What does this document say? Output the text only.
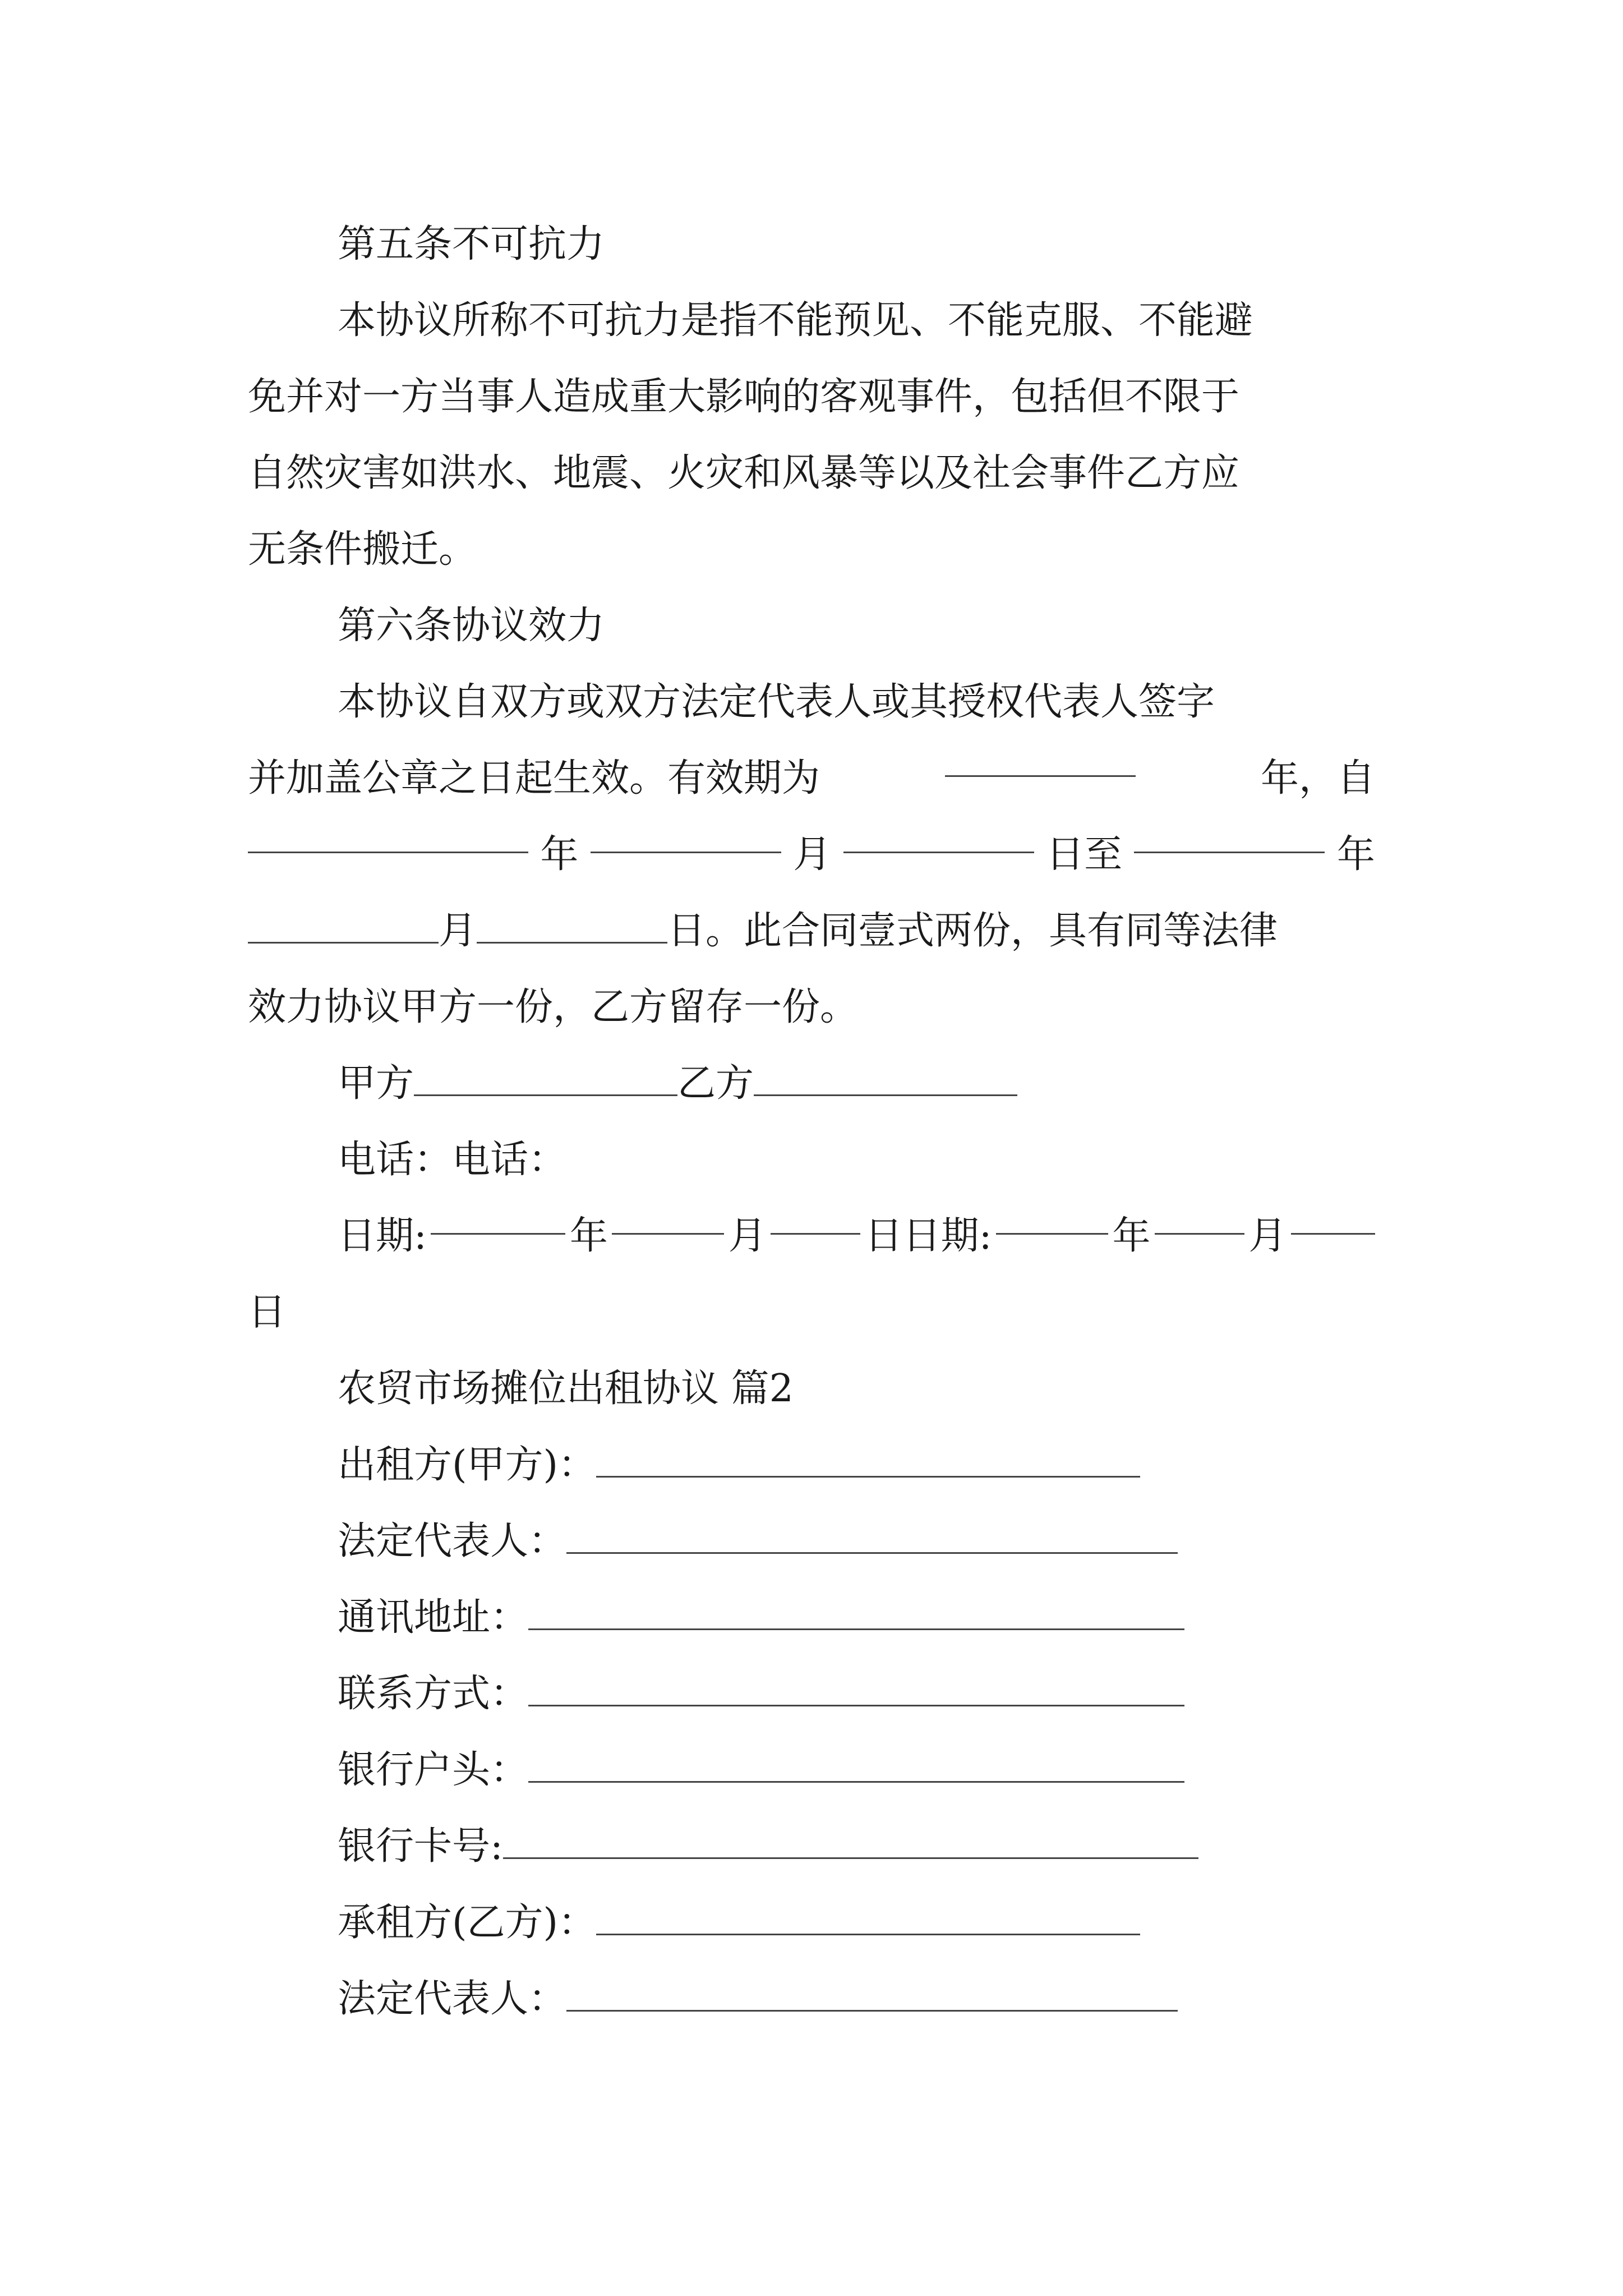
第五条不可抗力
本协议所称不可抗力是指不能预见、不能克服、不能避
免并对一方当事人造成重大影响的客观事件，包括但不限于
自然灾害如洪水、地震、火灾和风暴等以及社会事件乙方应
无条件搬迁。
第六条协议效力
本协议自双方或双方法定代表人或其授权代表人签字
并加盖公章之日起生效。有效期为	年，自
年	月	日至	年
月	日。此合同壹式两份，具有同等法律
效力协议甲方一份，乙方留存一份。
甲方	乙方
电话：电话：
日期:	年	月	日日期:	年	月
日
农贸市场摊位出租协议 篇2
出租方(甲方)：
法定代表人：
通讯地址：
联系方式：
银行户头：
银行卡号:
承租方(乙方)：
法定代表人：
